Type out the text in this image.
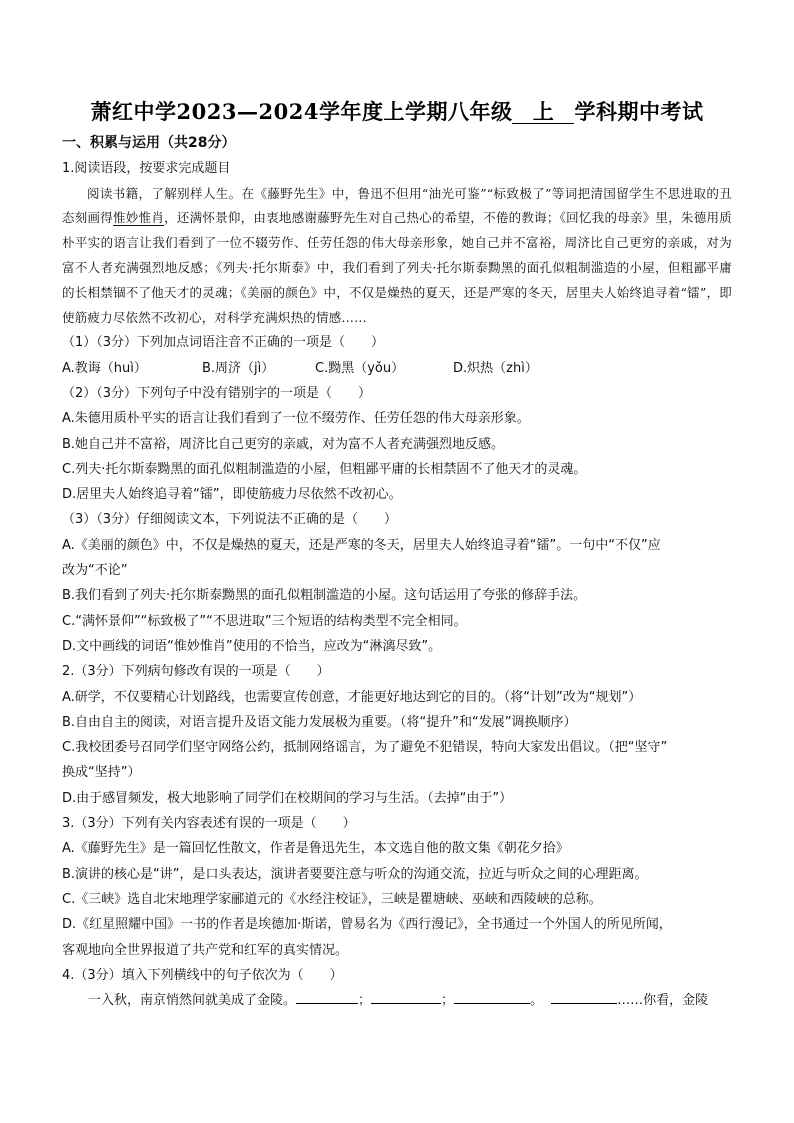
萧红中学2023—2024学年度上学期八年级 上 学科期中考试
一、积累与运用（共28分）
1.阅读语段，按要求完成题目

阅读书籍，了解别样人生。在《藤野先生》中，鲁迅不但用“油光可鉴”“标致极了”等词把清国留学生不思进取的丑态刻画得惟妙惟肖，还满怀景仰，由衷地感谢藤野先生对自己热心的希望，不倦的教诲；《回忆我的母亲》里，朱德用质朴平实的语言让我们看到了一位不辍劳作、任劳任怨的伟大母亲形象，她自己并不富裕，周济比自己更穷的亲戚，对为富不人者充满强烈地反感；《列夫·托尔斯泰》中，我们看到了列夫·托尔斯泰黝黑的面孔似粗制滥造的小屋，但粗鄙平庸的长相禁锢不了他天才的灵魂；《美丽的颜色》中，不仅是燥热的夏天，还是严寒的冬天，居里夫人始终追寻着“镭”，即使筋疲力尽依然不改初心，对科学充满炽热的情感……

（1）（3分）下列加点词语注音不正确的一项是（　　）
A.教诲（huì）	B.周济（jì）	C.黝黑（yǒu）	D.炽热（zhì）
（2）（3分）下列句子中没有错别字的一项是（　　）
A.朱德用质朴平实的语言让我们看到了一位不缀劳作、任劳任怨的伟大母亲形象。
B.她自己并不富裕，周济比自己更穷的亲戚，对为富不人者充满强烈地反感。
C.列夫·托尔斯泰黝黑的面孔似粗制滥造的小屋，但粗鄙平庸的长相禁固不了他天才的灵魂。
D.居里夫人始终追寻着“镭”，即使筋疲力尽依然不改初心。
（3）（3分）仔细阅读文本，下列说法不正确的是（　　）
A.《美丽的颜色》中，不仅是燥热的夏天，还是严寒的冬天，居里夫人始终追寻着“镭”。一句中“不仅”应
改为“不论”
B.我们看到了列夫·托尔斯泰黝黑的面孔似粗制滥造的小屋。这句话运用了夸张的修辞手法。
C.“满怀景仰”“标致极了”“不思进取”三个短语的结构类型不完全相同。
D.文中画线的词语“惟妙惟肖”使用的不恰当，应改为“淋漓尽致”。
2.（3分）下列病句修改有误的一项是（　　）
A.研学，不仅要精心计划路线，也需要宣传创意，才能更好地达到它的目的。（将“计划”改为“规划”）
B.自由自主的阅读，对语言提升及语文能力发展极为重要。（将“提升”和“发展”调换顺序）
C.我校团委号召同学们坚守网络公约，抵制网络谣言，为了避免不犯错误，特向大家发出倡议。（把“坚守”
换成“坚持”）
D.由于感冒频发，极大地影响了同学们在校期间的学习与生活。（去掉“由于”）
3.（3分）下列有关内容表述有误的一项是（　　）
A.《藤野先生》是一篇回忆性散文，作者是鲁迅先生，本文选自他的散文集《朝花夕拾》
B.演讲的核心是“讲”，是口头表达，演讲者要要注意与听众的沟通交流，拉近与听众之间的心理距离。
C.《三峡》选自北宋地理学家郦道元的《水经注校证》，三峡是瞿塘峡、巫峡和西陵峡的总称。
D.《红星照耀中国》一书的作者是埃德加·斯诺，曾易名为《西行漫记》，全书通过一个外国人的所见所闻，
客观地向全世界报道了共产党和红军的真实情况。
4.（3分）填入下列横线中的句子依次为（　　）
一入秋，南京悄然间就美成了金陵。	；	；	。	……你看，金陵
